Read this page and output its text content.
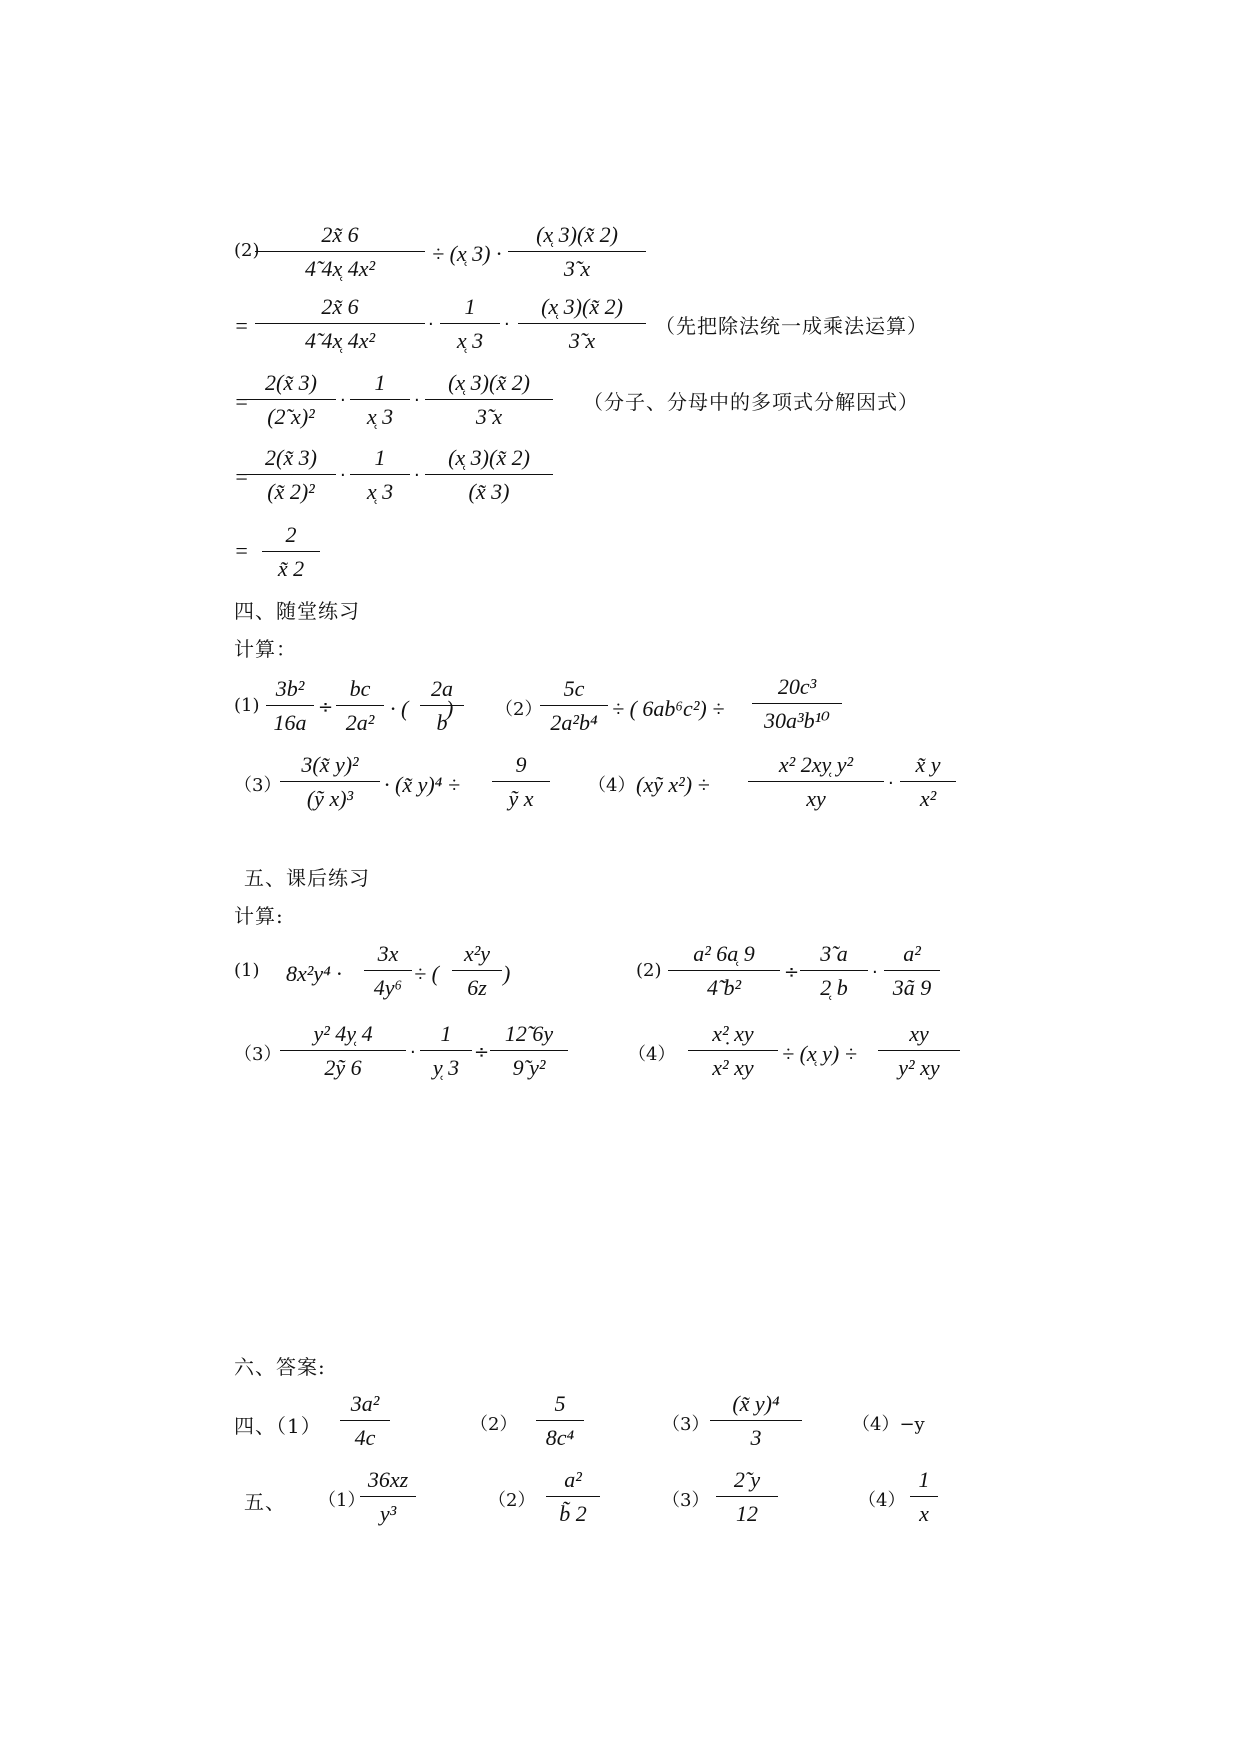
(2)
2x̃ 6
4̃ 4x̜ 4x²
÷ (x̜ 3) ·
(x̜ 3)(x̃ 2)
3̃ x
=
2x̃ 6
4̃ 4x̜ 4x²
·
1
x̜ 3
·
(x̜ 3)(x̃ 2)
3̃ x
（先把除法统一成乘法运算）
=
2(x̃ 3)
(2̃ x)²
·
1
x̜ 3
·
(x̜ 3)(x̃ 2)
3̃ x
（分子、分母中的多项式分解因式）
=
2(x̃ 3)
(x̃ 2)²
·
1
x̜ 3
·
(x̜ 3)(x̃ 2)
(x̃ 3)
=
2
x̃ 2
四、随堂练习
计算：
(1)
3b²
16a
÷
bc
2a²
· (
2a
b
) （2）
5c
2a²b⁴
÷ ( 6ab⁶c²) ÷
20c³
30a³b¹⁰
（3）
3(x̃ y)²
(ỹ x)³
· (x̃ y)⁴ ÷
9
ỹ x
（4） (xỹ x²) ÷
x² 2xy̜ y²
xy
·
x̃ y
x²
五、课后练习
计算:
(1) 8x²y⁴ ·
3x
4y⁶
÷ (
x²y
6z
)	(2)
a² 6a̜ 9
4̃ b²
÷
3̃ a
2̜ b
·
a²
3ã 9
（3）
y² 4y̜ 4
2ỹ 6
·
1
y̜ 3
÷
12̃ 6y
9̃ y²
（4）
x²̣ xy
x² xy
÷ (x̜ y) ÷
xy
y² xy
六、答案:
四、（1）
3a²
4c
（2）
5
8c⁴
（3）
(x̃ y)⁴
3
（4）−y
五、 （1）
36xz
y³
（2）
a²
b̃ 2
（3）
2̃ y
12
（4）
1
x
